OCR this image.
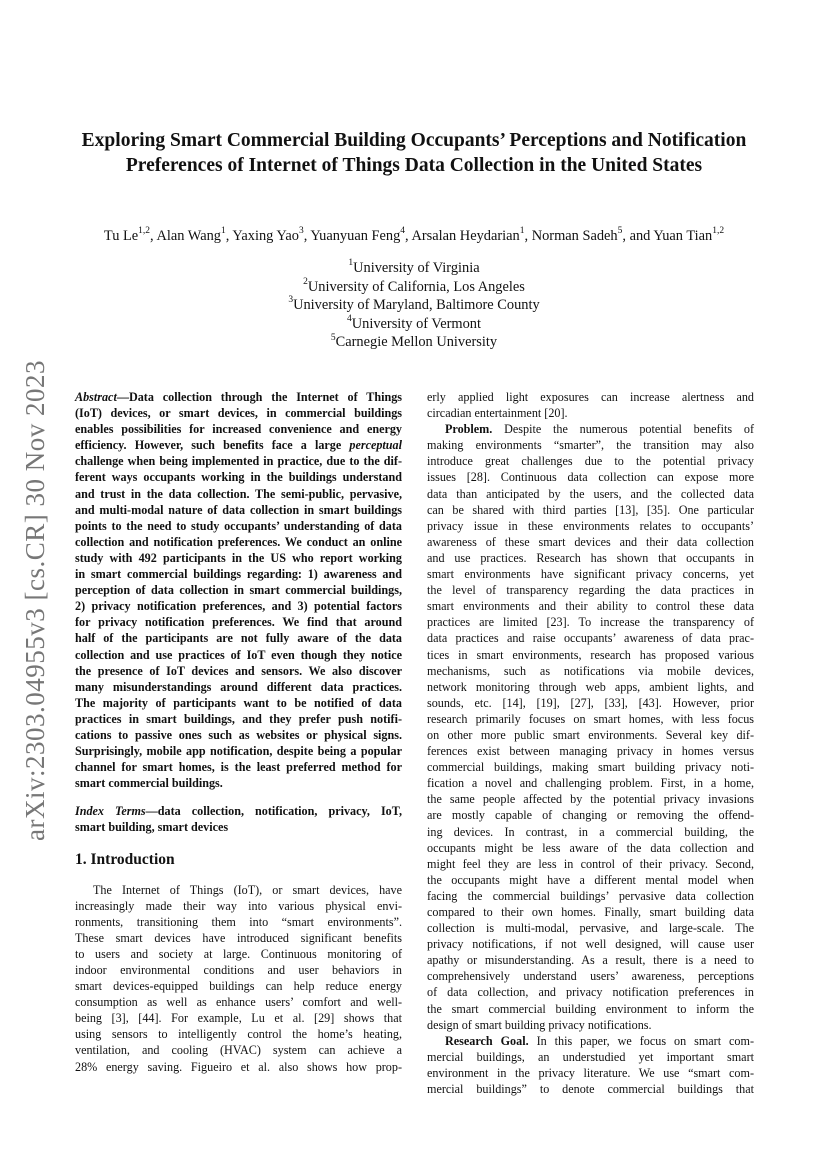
arXiv:2303.04955v3 [cs.CR] 30 Nov 2023
Exploring Smart Commercial Building Occupants’ Perceptions and Notification
Preferences of Internet of Things Data Collection in the United States
Tu Le$^{1,2}$, Alan Wang$^1$, Yaxing Yao$^3$, Yuanyuan Feng$^4$, Arsalan Heydarian$^1$, Norman Sadeh$^5$, and Yuan Tian$^{1,2}$
$^1$University of Virginia
$^2$University of California, Los Angeles
$^3$University of Maryland, Baltimore County
$^4$University of Vermont
$^5$Carnegie Mellon University
Abstract—Data collection through the Internet of Things
(IoT) devices, or smart devices, in commercial buildings
enables possibilities for increased convenience and energy
efficiency. However, such benefits face a large perceptual
challenge when being implemented in practice, due to the dif-
ferent ways occupants working in the buildings understand
and trust in the data collection. The semi-public, pervasive,
and multi-modal nature of data collection in smart buildings
points to the need to study occupants’ understanding of data
collection and notification preferences. We conduct an online
study with 492 participants in the US who report working
in smart commercial buildings regarding: 1) awareness and
perception of data collection in smart commercial buildings,
2) privacy notification preferences, and 3) potential factors
for privacy notification preferences. We find that around
half of the participants are not fully aware of the data
collection and use practices of IoT even though they notice
the presence of IoT devices and sensors. We also discover
many misunderstandings around different data practices.
The majority of participants want to be notified of data
practices in smart buildings, and they prefer push notifi-
cations to passive ones such as websites or physical signs.
Surprisingly, mobile app notification, despite being a popular
channel for smart homes, is the least preferred method for
smart commercial buildings.
Index Terms—data collection, notification, privacy, IoT,
smart building, smart devices
1. Introduction
The Internet of Things (IoT), or smart devices, have
increasingly made their way into various physical envi-
ronments, transitioning them into “smart environments”.
These smart devices have introduced significant benefits
to users and society at large. Continuous monitoring of
indoor environmental conditions and user behaviors in
smart devices-equipped buildings can help reduce energy
consumption as well as enhance users’ comfort and well-
being [3], [44]. For example, Lu et al. [29] shows that
using sensors to intelligently control the home’s heating,
ventilation, and cooling (HVAC) system can achieve a
28% energy saving. Figueiro et al. also shows how prop-
erly applied light exposures can increase alertness and
circadian entertainment [20].
Problem. Despite the numerous potential benefits of
making environments “smarter”, the transition may also
introduce great challenges due to the potential privacy
issues [28]. Continuous data collection can expose more
data than anticipated by the users, and the collected data
can be shared with third parties [13], [35]. One particular
privacy issue in these environments relates to occupants’
awareness of these smart devices and their data collection
and use practices. Research has shown that occupants in
smart environments have significant privacy concerns, yet
the level of transparency regarding the data practices in
smart environments and their ability to control these data
practices are limited [23]. To increase the transparency of
data practices and raise occupants’ awareness of data prac-
tices in smart environments, research has proposed various
mechanisms, such as notifications via mobile devices,
network monitoring through web apps, ambient lights, and
sounds, etc. [14], [19], [27], [33], [43]. However, prior
research primarily focuses on smart homes, with less focus
on other more public smart environments. Several key dif-
ferences exist between managing privacy in homes versus
commercial buildings, making smart building privacy noti-
fication a novel and challenging problem. First, in a home,
the same people affected by the potential privacy invasions
are mostly capable of changing or removing the offend-
ing devices. In contrast, in a commercial building, the
occupants might be less aware of the data collection and
might feel they are less in control of their privacy. Second,
the occupants might have a different mental model when
facing the commercial buildings’ pervasive data collection
compared to their own homes. Finally, smart building data
collection is multi-modal, pervasive, and large-scale. The
privacy notifications, if not well designed, will cause user
apathy or misunderstanding. As a result, there is a need to
comprehensively understand users’ awareness, perceptions
of data collection, and privacy notification preferences in
the smart commercial building environment to inform the
design of smart building privacy notifications.
Research Goal. In this paper, we focus on smart com-
mercial buildings, an understudied yet important smart
environment in the privacy literature. We use “smart com-
mercial buildings” to denote commercial buildings that
